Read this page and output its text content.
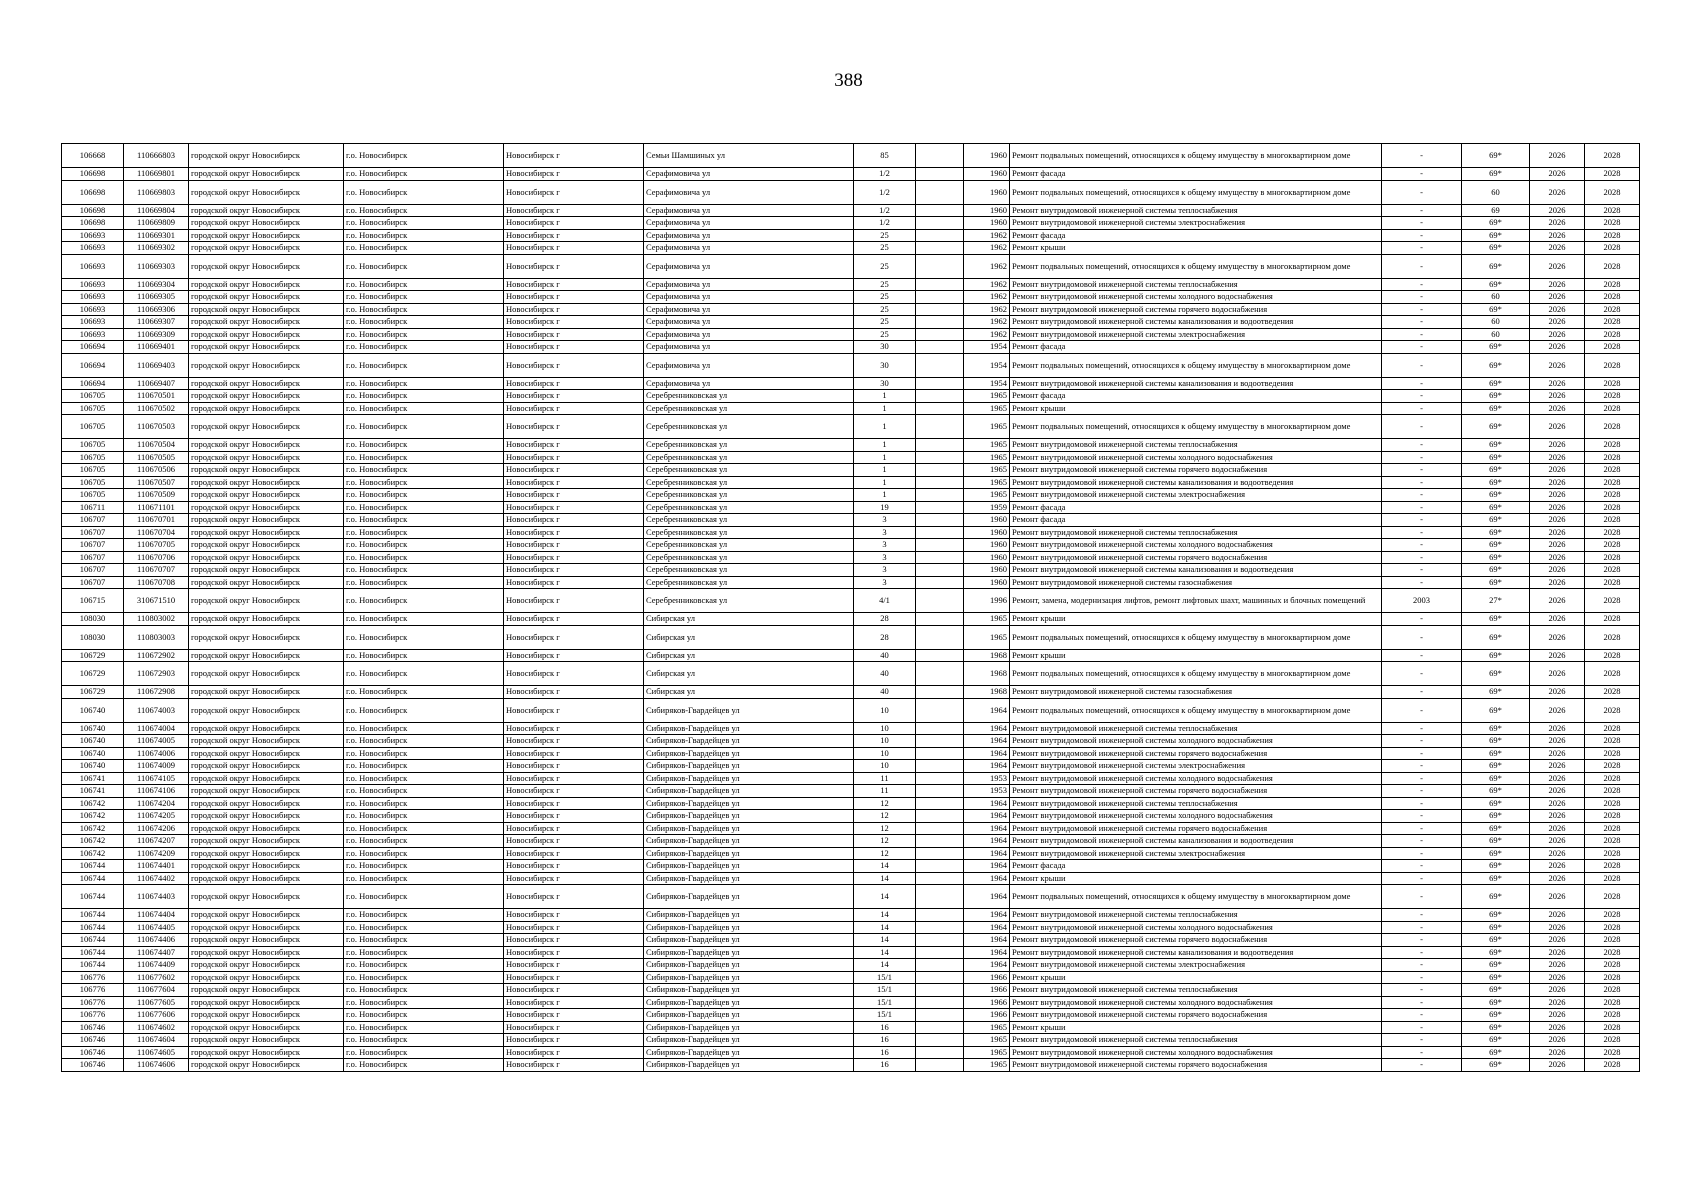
388
106668	110666803	городской округ Новосибирск	г.о. Новосибирск	Новосибирск г	Семьи Шамшиных ул	85		1960	Ремонт подвальных помещений, относящихся к общему имуществу в многоквартирном доме	-	69*	2026	2028
106698	110669801	городской округ Новосибирск	г.о. Новосибирск	Новосибирск г	Серафимовича ул	1/2		1960	Ремонт фасада	-	69*	2026	2028
106698	110669803	городской округ Новосибирск	г.о. Новосибирск	Новосибирск г	Серафимовича ул	1/2		1960	Ремонт подвальных помещений, относящихся к общему имуществу в многоквартирном доме	-	60	2026	2028
106698	110669804	городской округ Новосибирск	г.о. Новосибирск	Новосибирск г	Серафимовича ул	1/2		1960	Ремонт внутридомовой инженерной системы теплоснабжения	-	69	2026	2028
106698	110669809	городской округ Новосибирск	г.о. Новосибирск	Новосибирск г	Серафимовича ул	1/2		1960	Ремонт внутридомовой инженерной системы электроснабжения	-	69*	2026	2028
106693	110669301	городской округ Новосибирск	г.о. Новосибирск	Новосибирск г	Серафимовича ул	25		1962	Ремонт фасада	-	69*	2026	2028
106693	110669302	городской округ Новосибирск	г.о. Новосибирск	Новосибирск г	Серафимовича ул	25		1962	Ремонт крыши	-	69*	2026	2028
106693	110669303	городской округ Новосибирск	г.о. Новосибирск	Новосибирск г	Серафимовича ул	25		1962	Ремонт подвальных помещений, относящихся к общему имуществу в многоквартирном доме	-	69*	2026	2028
106693	110669304	городской округ Новосибирск	г.о. Новосибирск	Новосибирск г	Серафимовича ул	25		1962	Ремонт внутридомовой инженерной системы теплоснабжения	-	69*	2026	2028
106693	110669305	городской округ Новосибирск	г.о. Новосибирск	Новосибирск г	Серафимовича ул	25		1962	Ремонт внутридомовой инженерной системы холодного водоснабжения	-	60	2026	2028
106693	110669306	городской округ Новосибирск	г.о. Новосибирск	Новосибирск г	Серафимовича ул	25		1962	Ремонт внутридомовой инженерной системы горячего водоснабжения	-	69*	2026	2028
106693	110669307	городской округ Новосибирск	г.о. Новосибирск	Новосибирск г	Серафимовича ул	25		1962	Ремонт внутридомовой инженерной системы канализования и водоотведения	-	60	2026	2028
106693	110669309	городской округ Новосибирск	г.о. Новосибирск	Новосибирск г	Серафимовича ул	25		1962	Ремонт внутридомовой инженерной системы электроснабжения	-	60	2026	2028
106694	110669401	городской округ Новосибирск	г.о. Новосибирск	Новосибирск г	Серафимовича ул	30		1954	Ремонт фасада	-	69*	2026	2028
106694	110669403	городской округ Новосибирск	г.о. Новосибирск	Новосибирск г	Серафимовича ул	30		1954	Ремонт подвальных помещений, относящихся к общему имуществу в многоквартирном доме	-	69*	2026	2028
106694	110669407	городской округ Новосибирск	г.о. Новосибирск	Новосибирск г	Серафимовича ул	30		1954	Ремонт внутридомовой инженерной системы канализования и водоотведения	-	69*	2026	2028
106705	110670501	городской округ Новосибирск	г.о. Новосибирск	Новосибирск г	Серебренниковская ул	1		1965	Ремонт фасада	-	69*	2026	2028
106705	110670502	городской округ Новосибирск	г.о. Новосибирск	Новосибирск г	Серебренниковская ул	1		1965	Ремонт крыши	-	69*	2026	2028
106705	110670503	городской округ Новосибирск	г.о. Новосибирск	Новосибирск г	Серебренниковская ул	1		1965	Ремонт подвальных помещений, относящихся к общему имуществу в многоквартирном доме	-	69*	2026	2028
106705	110670504	городской округ Новосибирск	г.о. Новосибирск	Новосибирск г	Серебренниковская ул	1		1965	Ремонт внутридомовой инженерной системы теплоснабжения	-	69*	2026	2028
106705	110670505	городской округ Новосибирск	г.о. Новосибирск	Новосибирск г	Серебренниковская ул	1		1965	Ремонт внутридомовой инженерной системы холодного водоснабжения	-	69*	2026	2028
106705	110670506	городской округ Новосибирск	г.о. Новосибирск	Новосибирск г	Серебренниковская ул	1		1965	Ремонт внутридомовой инженерной системы горячего водоснабжения	-	69*	2026	2028
106705	110670507	городской округ Новосибирск	г.о. Новосибирск	Новосибирск г	Серебренниковская ул	1		1965	Ремонт внутридомовой инженерной системы канализования и водоотведения	-	69*	2026	2028
106705	110670509	городской округ Новосибирск	г.о. Новосибирск	Новосибирск г	Серебренниковская ул	1		1965	Ремонт внутридомовой инженерной системы электроснабжения	-	69*	2026	2028
106711	110671101	городской округ Новосибирск	г.о. Новосибирск	Новосибирск г	Серебренниковская ул	19		1959	Ремонт фасада	-	69*	2026	2028
106707	110670701	городской округ Новосибирск	г.о. Новосибирск	Новосибирск г	Серебренниковская ул	3		1960	Ремонт фасада	-	69*	2026	2028
106707	110670704	городской округ Новосибирск	г.о. Новосибирск	Новосибирск г	Серебренниковская ул	3		1960	Ремонт внутридомовой инженерной системы теплоснабжения	-	69*	2026	2028
106707	110670705	городской округ Новосибирск	г.о. Новосибирск	Новосибирск г	Серебренниковская ул	3		1960	Ремонт внутридомовой инженерной системы холодного водоснабжения	-	69*	2026	2028
106707	110670706	городской округ Новосибирск	г.о. Новосибирск	Новосибирск г	Серебренниковская ул	3		1960	Ремонт внутридомовой инженерной системы горячего водоснабжения	-	69*	2026	2028
106707	110670707	городской округ Новосибирск	г.о. Новосибирск	Новосибирск г	Серебренниковская ул	3		1960	Ремонт внутридомовой инженерной системы канализования и водоотведения	-	69*	2026	2028
106707	110670708	городской округ Новосибирск	г.о. Новосибирск	Новосибирск г	Серебренниковская ул	3		1960	Ремонт внутридомовой инженерной системы газоснабжения	-	69*	2026	2028
106715	310671510	городской округ Новосибирск	г.о. Новосибирск	Новосибирск г	Серебренниковская ул	4/1		1996	Ремонт, замена, модернизация лифтов, ремонт лифтовых шахт, машинных и блочных помещений	2003	27*	2026	2028
108030	110803002	городской округ Новосибирск	г.о. Новосибирск	Новосибирск г	Сибирская ул	28		1965	Ремонт крыши	-	69*	2026	2028
108030	110803003	городской округ Новосибирск	г.о. Новосибирск	Новосибирск г	Сибирская ул	28		1965	Ремонт подвальных помещений, относящихся к общему имуществу в многоквартирном доме	-	69*	2026	2028
106729	110672902	городской округ Новосибирск	г.о. Новосибирск	Новосибирск г	Сибирская ул	40		1968	Ремонт крыши	-	69*	2026	2028
106729	110672903	городской округ Новосибирск	г.о. Новосибирск	Новосибирск г	Сибирская ул	40		1968	Ремонт подвальных помещений, относящихся к общему имуществу в многоквартирном доме	-	69*	2026	2028
106729	110672908	городской округ Новосибирск	г.о. Новосибирск	Новосибирск г	Сибирская ул	40		1968	Ремонт внутридомовой инженерной системы газоснабжения	-	69*	2026	2028
106740	110674003	городской округ Новосибирск	г.о. Новосибирск	Новосибирск г	Сибиряков-Гвардейцев ул	10		1964	Ремонт подвальных помещений, относящихся к общему имуществу в многоквартирном доме	-	69*	2026	2028
106740	110674004	городской округ Новосибирск	г.о. Новосибирск	Новосибирск г	Сибиряков-Гвардейцев ул	10		1964	Ремонт внутридомовой инженерной системы теплоснабжения	-	69*	2026	2028
106740	110674005	городской округ Новосибирск	г.о. Новосибирск	Новосибирск г	Сибиряков-Гвардейцев ул	10		1964	Ремонт внутридомовой инженерной системы холодного водоснабжения	-	69*	2026	2028
106740	110674006	городской округ Новосибирск	г.о. Новосибирск	Новосибирск г	Сибиряков-Гвардейцев ул	10		1964	Ремонт внутридомовой инженерной системы горячего водоснабжения	-	69*	2026	2028
106740	110674009	городской округ Новосибирск	г.о. Новосибирск	Новосибирск г	Сибиряков-Гвардейцев ул	10		1964	Ремонт внутридомовой инженерной системы электроснабжения	-	69*	2026	2028
106741	110674105	городской округ Новосибирск	г.о. Новосибирск	Новосибирск г	Сибиряков-Гвардейцев ул	11		1953	Ремонт внутридомовой инженерной системы холодного водоснабжения	-	69*	2026	2028
106741	110674106	городской округ Новосибирск	г.о. Новосибирск	Новосибирск г	Сибиряков-Гвардейцев ул	11		1953	Ремонт внутридомовой инженерной системы горячего водоснабжения	-	69*	2026	2028
106742	110674204	городской округ Новосибирск	г.о. Новосибирск	Новосибирск г	Сибиряков-Гвардейцев ул	12		1964	Ремонт внутридомовой инженерной системы теплоснабжения	-	69*	2026	2028
106742	110674205	городской округ Новосибирск	г.о. Новосибирск	Новосибирск г	Сибиряков-Гвардейцев ул	12		1964	Ремонт внутридомовой инженерной системы холодного водоснабжения	-	69*	2026	2028
106742	110674206	городской округ Новосибирск	г.о. Новосибирск	Новосибирск г	Сибиряков-Гвардейцев ул	12		1964	Ремонт внутридомовой инженерной системы горячего водоснабжения	-	69*	2026	2028
106742	110674207	городской округ Новосибирск	г.о. Новосибирск	Новосибирск г	Сибиряков-Гвардейцев ул	12		1964	Ремонт внутридомовой инженерной системы канализования и водоотведения	-	69*	2026	2028
106742	110674209	городской округ Новосибирск	г.о. Новосибирск	Новосибирск г	Сибиряков-Гвардейцев ул	12		1964	Ремонт внутридомовой инженерной системы электроснабжения	-	69*	2026	2028
106744	110674401	городской округ Новосибирск	г.о. Новосибирск	Новосибирск г	Сибиряков-Гвардейцев ул	14		1964	Ремонт фасада	-	69*	2026	2028
106744	110674402	городской округ Новосибирск	г.о. Новосибирск	Новосибирск г	Сибиряков-Гвардейцев ул	14		1964	Ремонт крыши	-	69*	2026	2028
106744	110674403	городской округ Новосибирск	г.о. Новосибирск	Новосибирск г	Сибиряков-Гвардейцев ул	14		1964	Ремонт подвальных помещений, относящихся к общему имуществу в многоквартирном доме	-	69*	2026	2028
106744	110674404	городской округ Новосибирск	г.о. Новосибирск	Новосибирск г	Сибиряков-Гвардейцев ул	14		1964	Ремонт внутридомовой инженерной системы теплоснабжения	-	69*	2026	2028
106744	110674405	городской округ Новосибирск	г.о. Новосибирск	Новосибирск г	Сибиряков-Гвардейцев ул	14		1964	Ремонт внутридомовой инженерной системы холодного водоснабжения	-	69*	2026	2028
106744	110674406	городской округ Новосибирск	г.о. Новосибирск	Новосибирск г	Сибиряков-Гвардейцев ул	14		1964	Ремонт внутридомовой инженерной системы горячего водоснабжения	-	69*	2026	2028
106744	110674407	городской округ Новосибирск	г.о. Новосибирск	Новосибирск г	Сибиряков-Гвардейцев ул	14		1964	Ремонт внутридомовой инженерной системы канализования и водоотведения	-	69*	2026	2028
106744	110674409	городской округ Новосибирск	г.о. Новосибирск	Новосибирск г	Сибиряков-Гвардейцев ул	14		1964	Ремонт внутридомовой инженерной системы электроснабжения	-	69*	2026	2028
106776	110677602	городской округ Новосибирск	г.о. Новосибирск	Новосибирск г	Сибиряков-Гвардейцев ул	15/1		1966	Ремонт крыши	-	69*	2026	2028
106776	110677604	городской округ Новосибирск	г.о. Новосибирск	Новосибирск г	Сибиряков-Гвардейцев ул	15/1		1966	Ремонт внутридомовой инженерной системы теплоснабжения	-	69*	2026	2028
106776	110677605	городской округ Новосибирск	г.о. Новосибирск	Новосибирск г	Сибиряков-Гвардейцев ул	15/1		1966	Ремонт внутридомовой инженерной системы холодного водоснабжения	-	69*	2026	2028
106776	110677606	городской округ Новосибирск	г.о. Новосибирск	Новосибирск г	Сибиряков-Гвардейцев ул	15/1		1966	Ремонт внутридомовой инженерной системы горячего водоснабжения	-	69*	2026	2028
106746	110674602	городской округ Новосибирск	г.о. Новосибирск	Новосибирск г	Сибиряков-Гвардейцев ул	16		1965	Ремонт крыши	-	69*	2026	2028
106746	110674604	городской округ Новосибирск	г.о. Новосибирск	Новосибирск г	Сибиряков-Гвардейцев ул	16		1965	Ремонт внутридомовой инженерной системы теплоснабжения	-	69*	2026	2028
106746	110674605	городской округ Новосибирск	г.о. Новосибирск	Новосибирск г	Сибиряков-Гвардейцев ул	16		1965	Ремонт внутридомовой инженерной системы холодного водоснабжения	-	69*	2026	2028
106746	110674606	городской округ Новосибирск	г.о. Новосибирск	Новосибирск г	Сибиряков-Гвардейцев ул	16		1965	Ремонт внутридомовой инженерной системы горячего водоснабжения	-	69*	2026	2028
